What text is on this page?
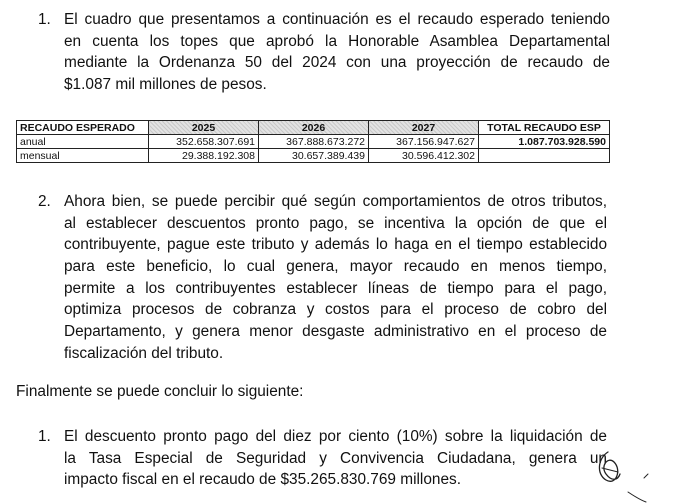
1. El cuadro que presentamos a continuación es el recaudo esperado teniendo
en cuenta los topes que aprobó la Honorable Asamblea Departamental
mediante la Ordenanza 50 del 2024 con una proyección de recaudo de
$1.087 mil millones de pesos.
RECAUDO ESPERADO	2025	2026	2027	TOTAL RECAUDO ESP
anual	352.658.307.691	367.888.673.272	367.156.947.627	1.087.703.928.590
mensual	29.388.192.308	30.657.389.439	30.596.412.302	
2. Ahora bien, se puede percibir qué según comportamientos de otros tributos,
al establecer descuentos pronto pago, se incentiva la opción de que el
contribuyente, pague este tributo y además lo haga en el tiempo establecido
para este beneficio, lo cual genera, mayor recaudo en menos tiempo,
permite a los contribuyentes establecer líneas de tiempo para el pago,
optimiza procesos de cobranza y costos para el proceso de cobro del
Departamento, y genera menor desgaste administrativo en el proceso de
fiscalización del tributo.
Finalmente se puede concluir lo siguiente:
1. El descuento pronto pago del diez por ciento (10%) sobre la liquidación de
la Tasa Especial de Seguridad y Convivencia Ciudadana, genera un
impacto fiscal en el recaudo de $35.265.830.769 millones.
